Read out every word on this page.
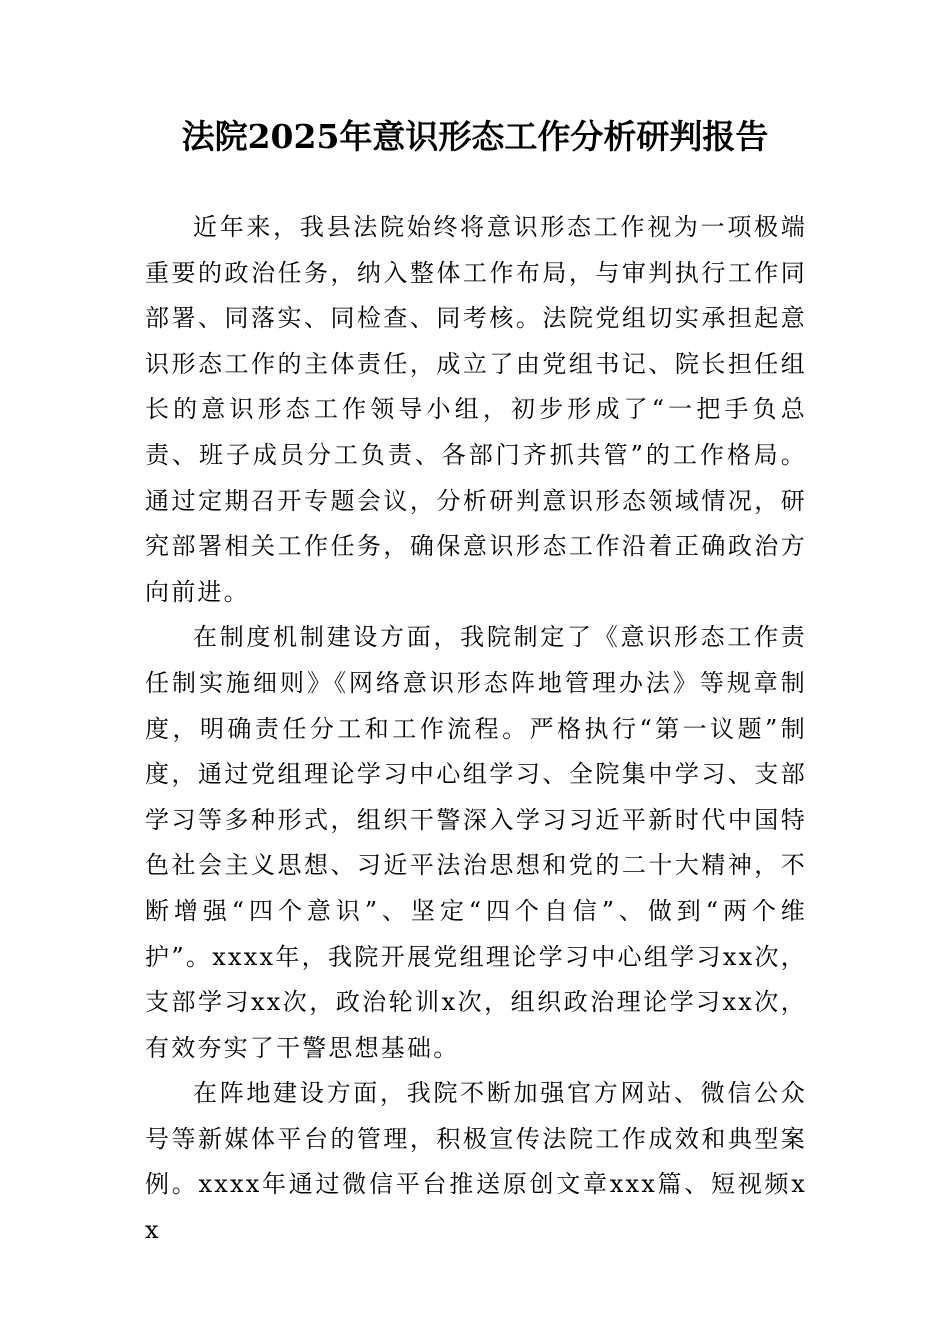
法院2025年意识形态工作分析研判报告

近年来，我县法院始终将意识形态工作视为一项极端重要的政治任务，纳入整体工作布局，与审判执行工作同部署、同落实、同检查、同考核。法院党组切实承担起意识形态工作的主体责任，成立了由党组书记、院长担任组长的意识形态工作领导小组，初步形成了“一把手负总责、班子成员分工负责、各部门齐抓共管”的工作格局。通过定期召开专题会议，分析研判意识形态领域情况，研究部署相关工作任务，确保意识形态工作沿着正确政治方向前进。

在制度机制建设方面，我院制定了《意识形态工作责任制实施细则》《网络意识形态阵地管理办法》等规章制度，明确责任分工和工作流程。严格执行“第一议题”制度，通过党组理论学习中心组学习、全院集中学习、支部学习等多种形式，组织干警深入学习习近平新时代中国特色社会主义思想、习近平法治思想和党的二十大精神，不断增强“四个意识”、坚定“四个自信”、做到“两个维护”。xxxx年，我院开展党组理论学习中心组学习xx次，支部学习xx次，政治轮训x次，组织政治理论学习xx次，有效夯实了干警思想基础。

在阵地建设方面，我院不断加强官方网站、微信公众号等新媒体平台的管理，积极宣传法院工作成效和典型案例。xxxx年通过微信平台推送原创文章xxx篇、短视频xx
